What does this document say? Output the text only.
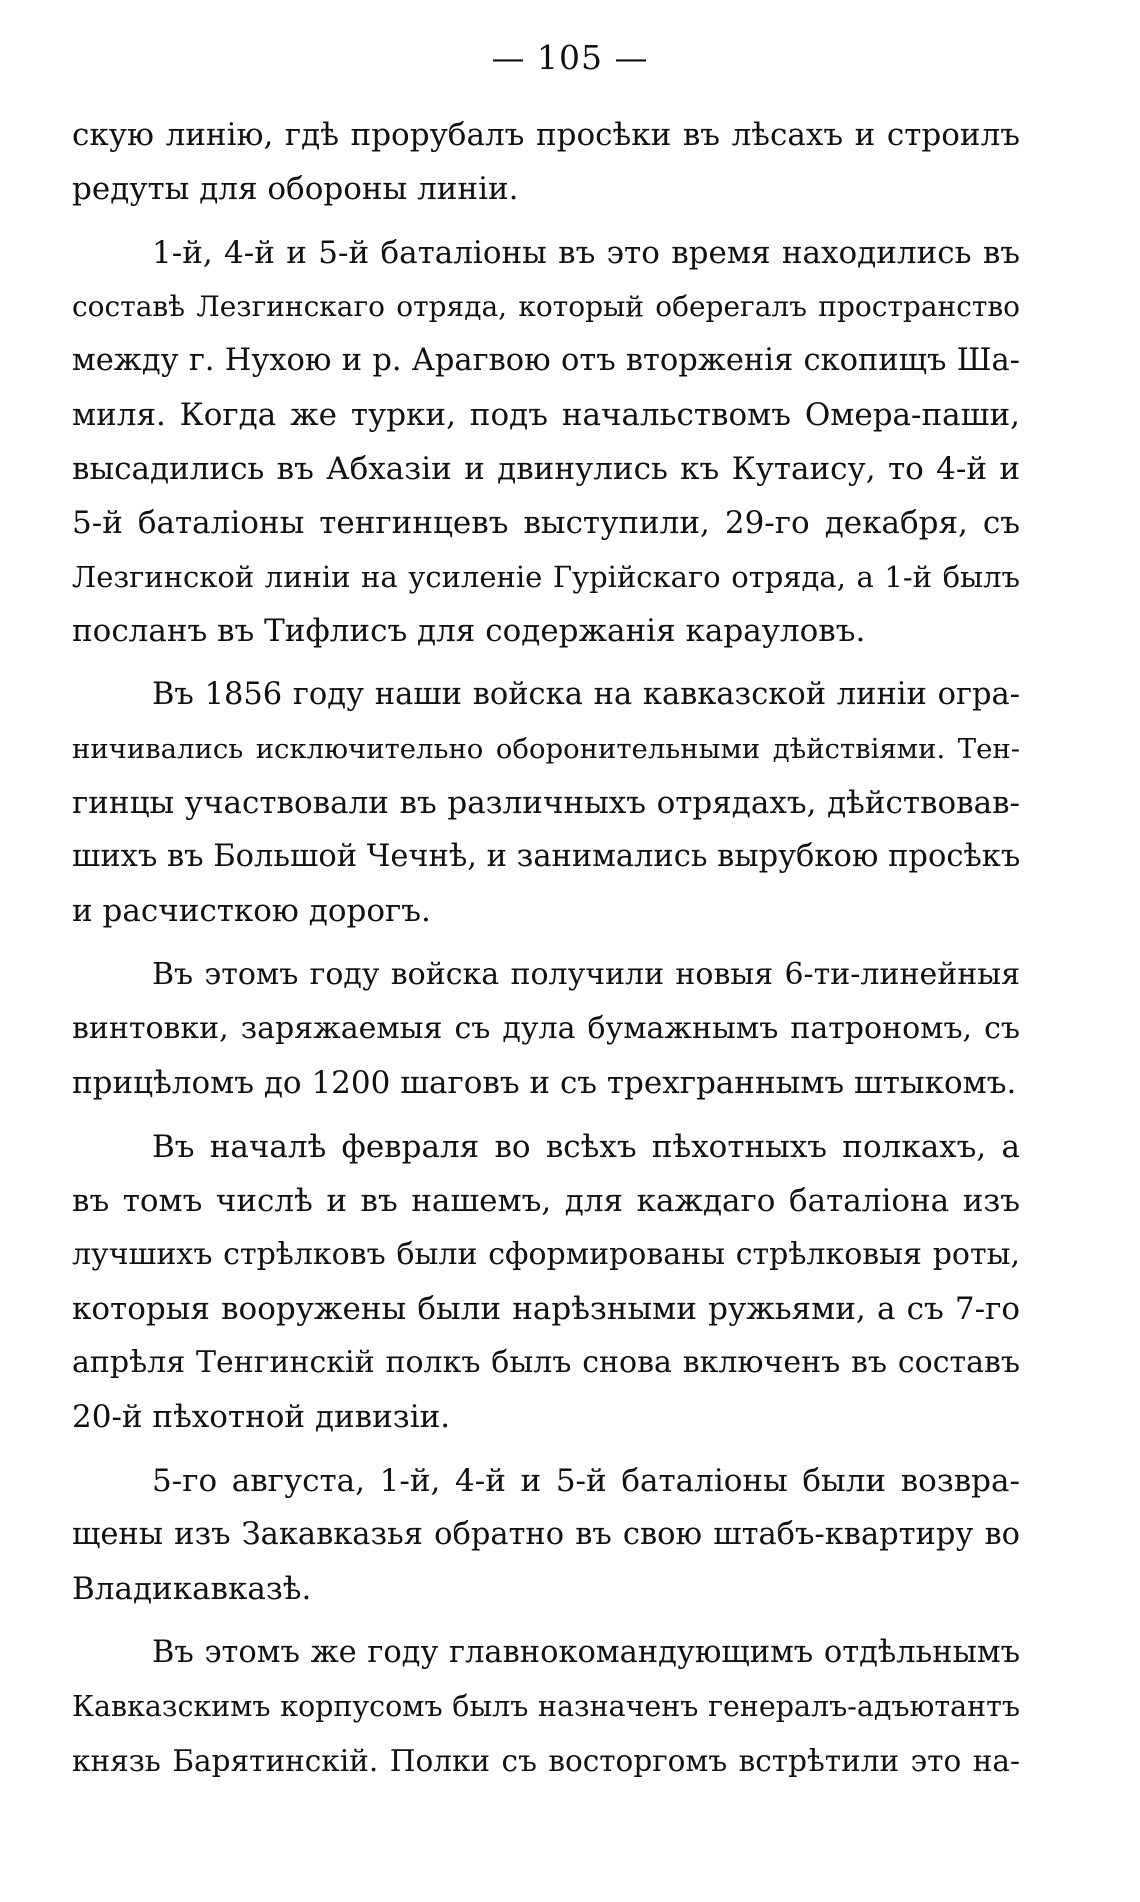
— 105 —
скую линію, гдѣ прорубалъ просѣки въ лѣсахъ и строилъ
редуты для обороны линіи.
1-й, 4-й и 5-й баталіоны въ это время находились въ
составѣ Лезгинскаго отряда, который оберегалъ пространство
между г. Нухою и р. Арагвою отъ вторженія скопищъ Ша-
миля. Когда же турки, подъ начальствомъ Омера-паши,
высадились въ Абхазіи и двинулись къ Кутаису, то 4-й и
5-й баталіоны тенгинцевъ выступили, 29-го декабря, съ
Лезгинской линіи на усиленіе Гурійскаго отряда, а 1-й былъ
посланъ въ Тифлисъ для содержанія карауловъ.
Въ 1856 году наши войска на кавказской линіи огра-
ничивались исключительно оборонительными дѣйствіями. Тен-
гинцы участвовали въ различныхъ отрядахъ, дѣйствовав-
шихъ въ Большой Чечнѣ, и занимались вырубкою просѣкъ
и расчисткою дорогъ.
Въ этомъ году войска получили новыя 6-ти-линейныя
винтовки, заряжаемыя съ дула бумажнымъ патрономъ, съ
прицѣломъ до 1200 шаговъ и съ трехграннымъ штыкомъ.
Въ началѣ февраля во всѣхъ пѣхотныхъ полкахъ, а
въ томъ числѣ и въ нашемъ, для каждаго баталіона изъ
лучшихъ стрѣлковъ были сформированы стрѣлковыя роты,
которыя вооружены были нарѣзными ружьями, а съ 7-го
апрѣля Тенгинскій полкъ былъ снова включенъ въ составъ
20-й пѣхотной дивизіи.
5-го августа, 1-й, 4-й и 5-й баталіоны были возвра-
щены изъ Закавказья обратно въ свою штабъ-квартиру во
Владикавказѣ.
Въ этомъ же году главнокомандующимъ отдѣльнымъ
Кавказскимъ корпусомъ былъ назначенъ генералъ-адъютантъ
князь Барятинскій. Полки съ восторгомъ встрѣтили это на-
